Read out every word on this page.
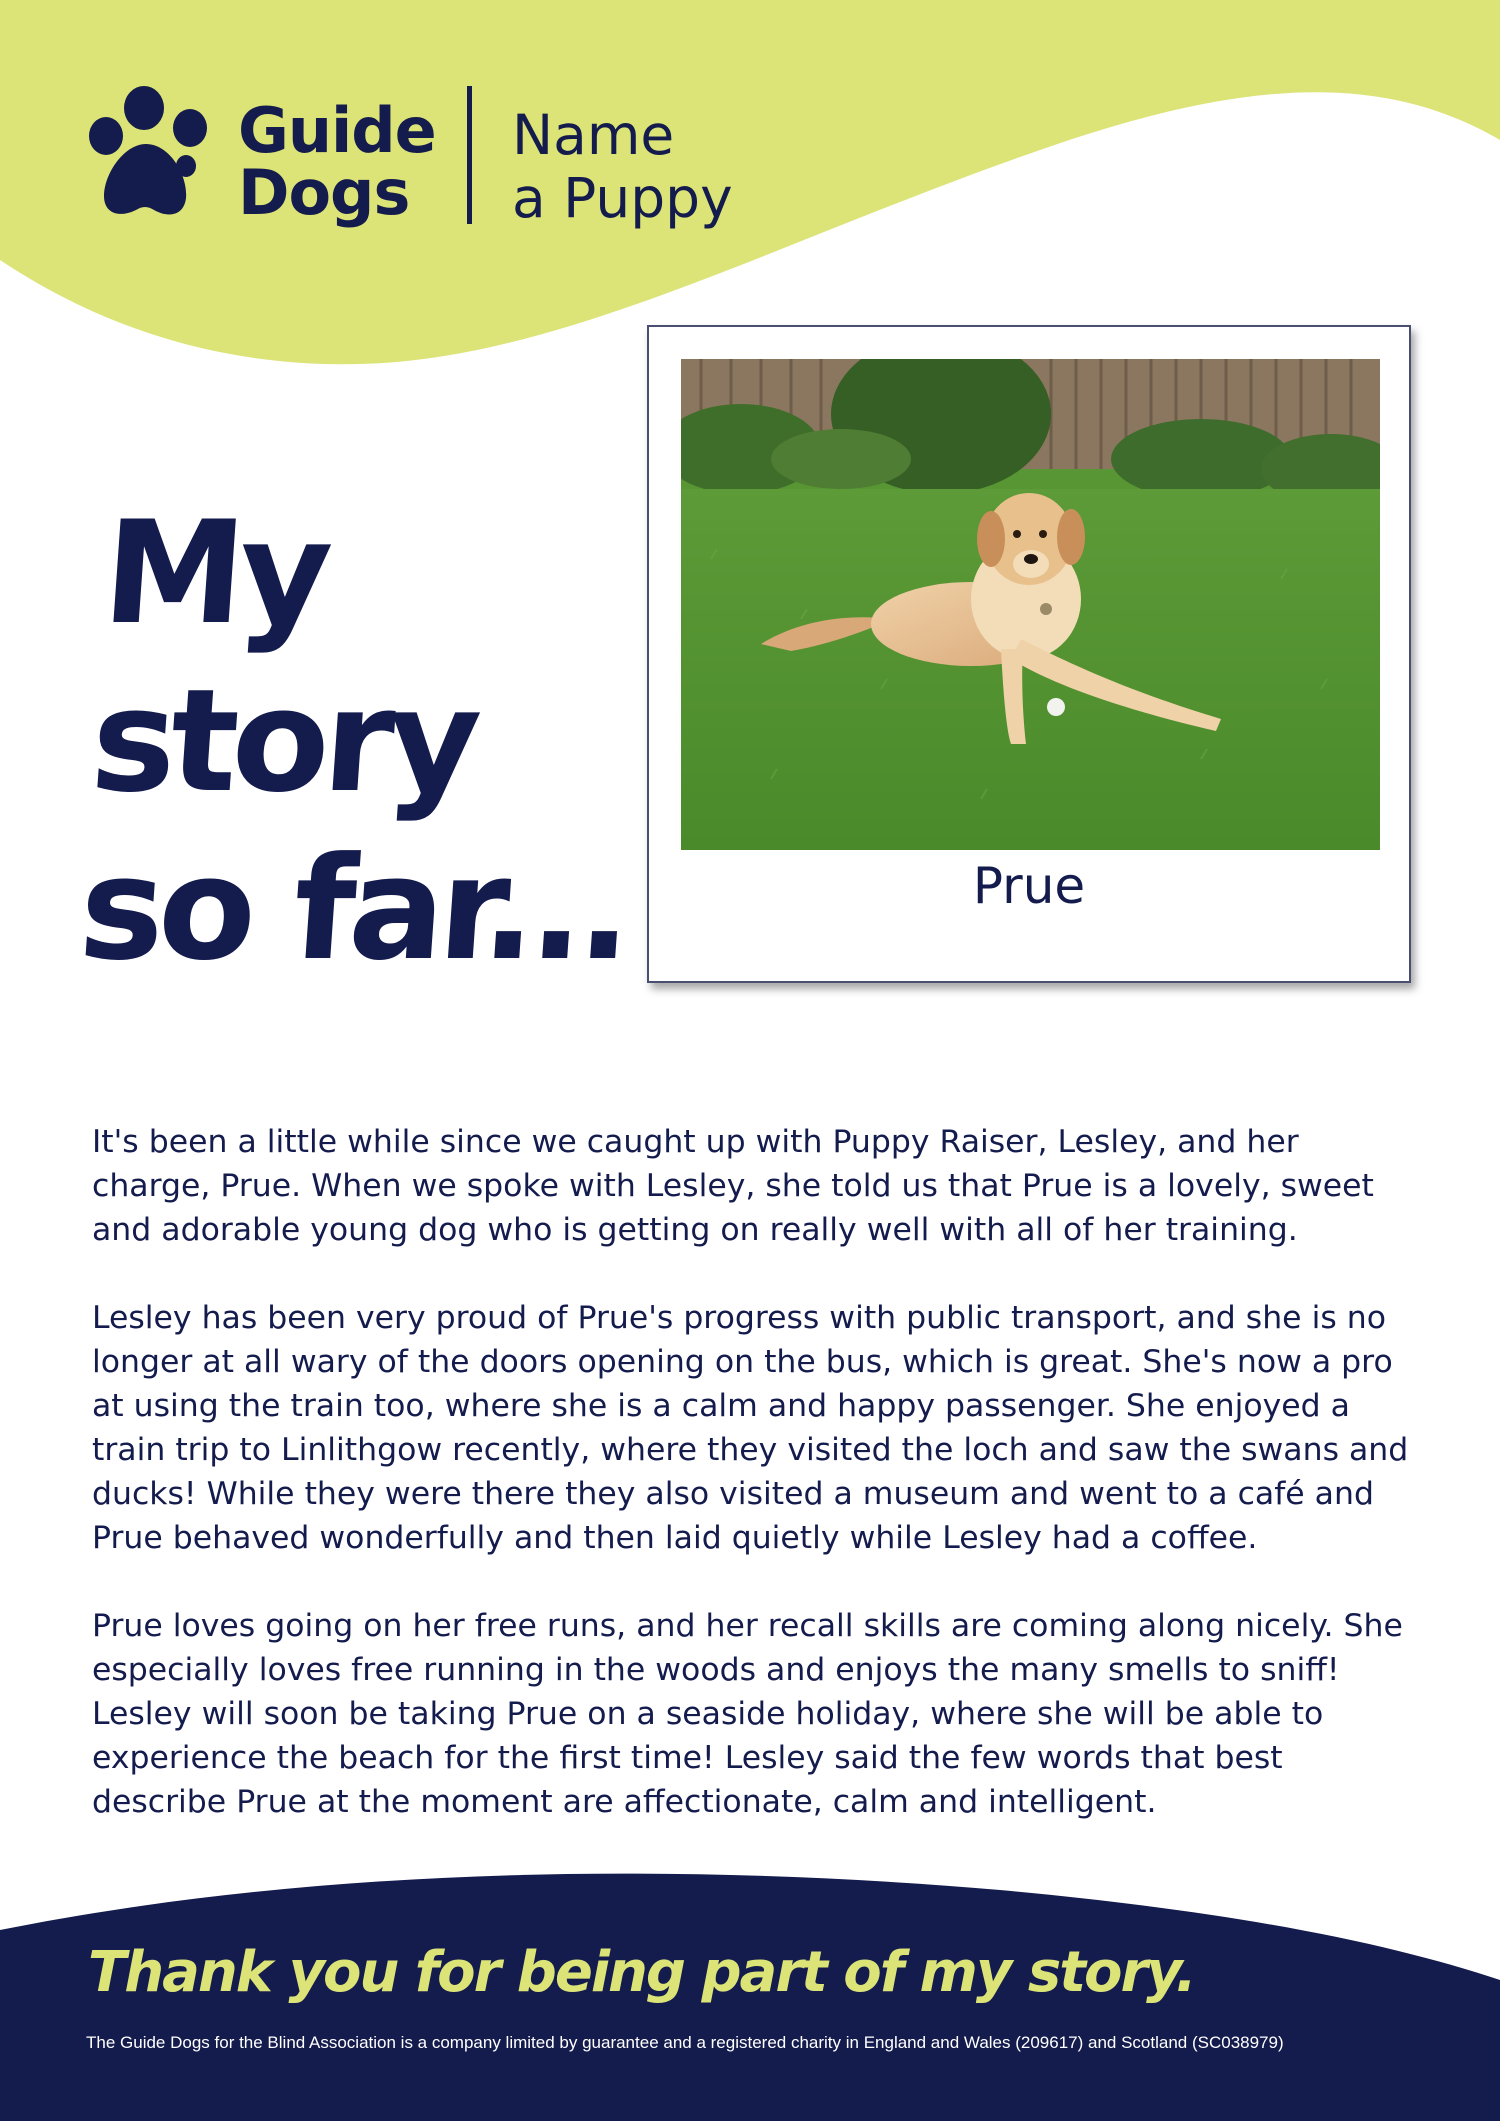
Guide
Dogs
Name
a Puppy
My story
so far...	Prue

It's been a little while since we caught up with Puppy Raiser, Lesley, and her charge, Prue. When we spoke with Lesley, she told us that Prue is a lovely, sweet and adorable young dog who is getting on really well with all of her training.

Lesley has been very proud of Prue's progress with public transport, and she is no longer at all wary of the doors opening on the bus, which is great. She's now a pro at using the train too, where she is a calm and happy passenger. She enjoyed a train trip to Linlithgow recently, where they visited the loch and saw the swans and ducks! While they were there they also visited a museum and went to a café and Prue behaved wonderfully and then laid quietly while Lesley had a coffee.

Prue loves going on her free runs, and her recall skills are coming along nicely. She especially loves free running in the woods and enjoys the many smells to sniff! Lesley will soon be taking Prue on a seaside holiday, where she will be able to experience the beach for the first time! Lesley said the few words that best describe Prue at the moment are affectionate, calm and intelligent.

Thank you for being part of my story.
The Guide Dogs for the Blind Association is a company limited by guarantee and a registered charity in England and Wales (209617) and Scotland (SC038979)
